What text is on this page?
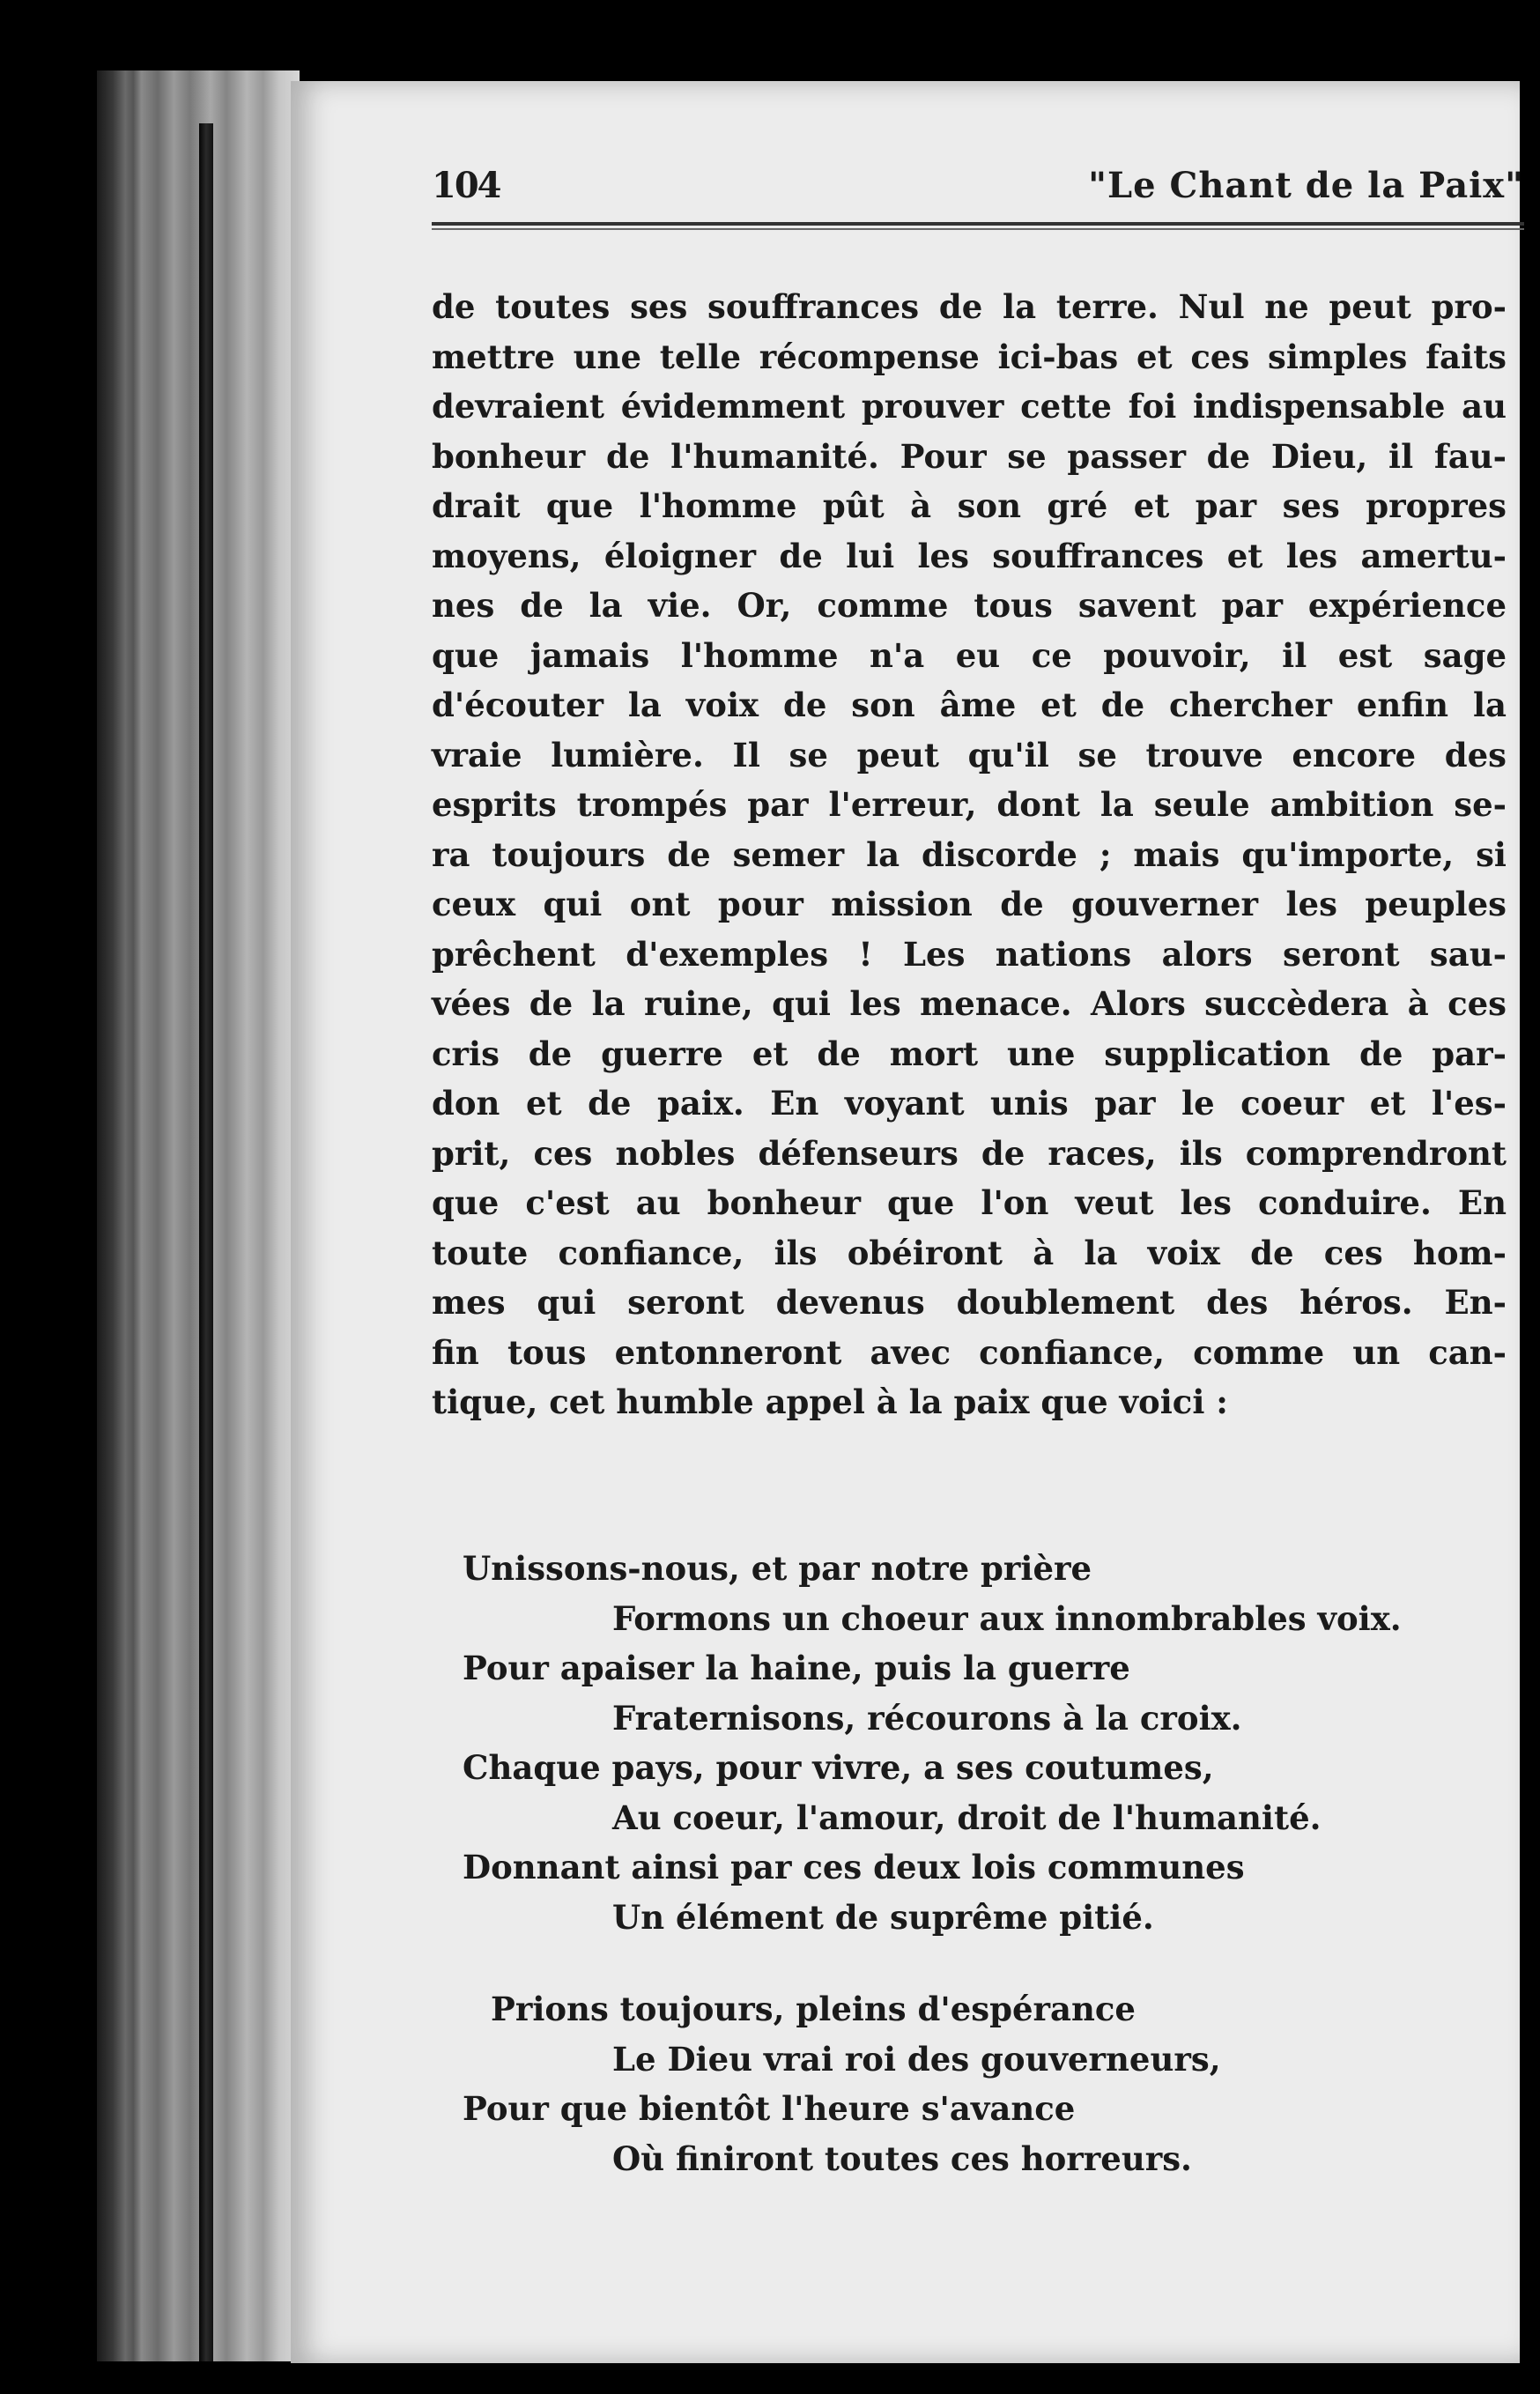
104	"Le Chant de la Paix"
de toutes ses souffrances de la terre. Nul ne peut pro-
mettre une telle récompense ici-bas et ces simples faits
devraient évidemment prouver cette foi indispensable au
bonheur de l'humanité. Pour se passer de Dieu, il fau-
drait que l'homme pût à son gré et par ses propres
moyens, éloigner de lui les souffrances et les amertu-
nes de la vie. Or, comme tous savent par expérience
que jamais l'homme n'a eu ce pouvoir, il est sage
d'écouter la voix de son âme et de chercher enfin la
vraie lumière. Il se peut qu'il se trouve encore des
esprits trompés par l'erreur, dont la seule ambition se-
ra toujours de semer la discorde ; mais qu'importe, si
ceux qui ont pour mission de gouverner les peuples
prêchent d'exemples ! Les nations alors seront sau-
vées de la ruine, qui les menace. Alors succèdera à ces
cris de guerre et de mort une supplication de par-
don et de paix. En voyant unis par le coeur et l'es-
prit, ces nobles défenseurs de races, ils comprendront
que c'est au bonheur que l'on veut les conduire. En
toute confiance, ils obéiront à la voix de ces hom-
mes qui seront devenus doublement des héros. En-
fin tous entonneront avec confiance, comme un can-
tique, cet humble appel à la paix que voici :
Unissons-nous, et par notre prière
Formons un choeur aux innombrables voix.
Pour apaiser la haine, puis la guerre
Fraternisons, récourons à la croix.
Chaque pays, pour vivre, a ses coutumes,
Au coeur, l'amour, droit de l'humanité.
Donnant ainsi par ces deux lois communes
Un élément de suprême pitié.
Prions toujours, pleins d'espérance
Le Dieu vrai roi des gouverneurs,
Pour que bientôt l'heure s'avance
Où finiront toutes ces horreurs.
